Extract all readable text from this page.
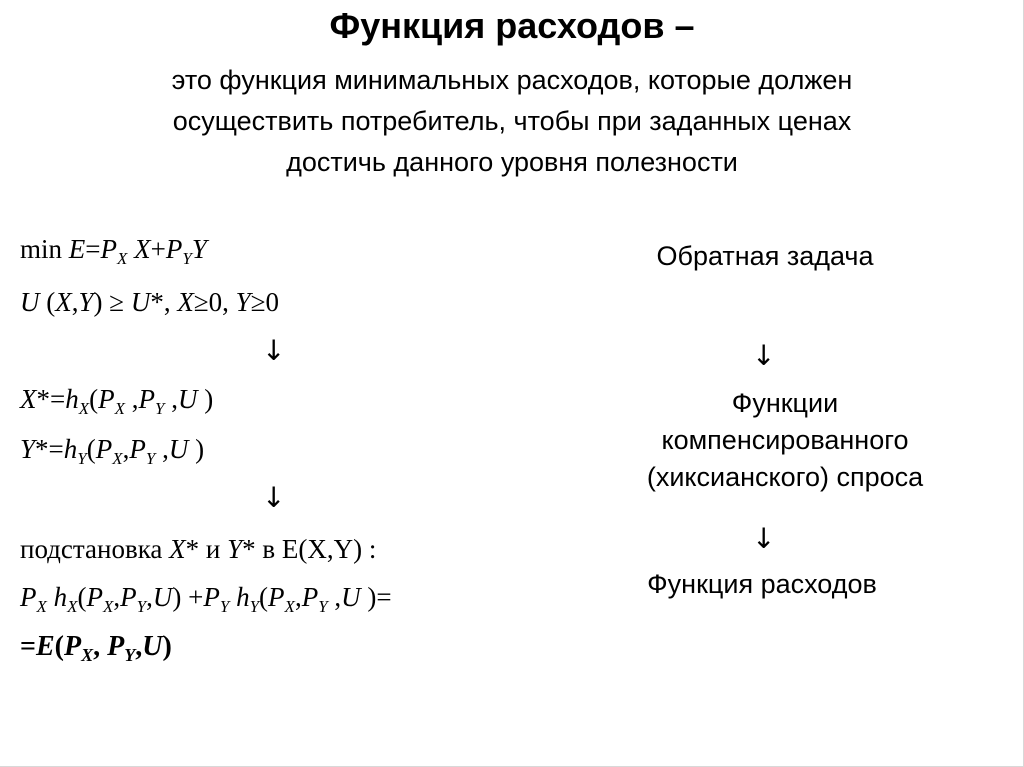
Функция расходов –
это функция минимальных расходов, которые должен
осуществить потребитель, чтобы при заданных ценах
достичь данного уровня полезности
$\min E=P_X$ $X+P_YY$
U (X,Y) ≥ U*, X≥0, Y≥0
↓
$X*=h_X(P_X$ $,P_Y$ ,U )
$Y*=h_Y(P_X,P_Y$ ,U )
↓
подстановка X* и Y* в E(X,Y) :
$P_X$ $h_X(P_X,P_Y,U) +P_Y$ $h_Y(P_X,P_Y$ ,U )=
$=E(P_X$, $P_Y,U$)
Обратная задача
↓
Функции
компенсированного
(хиксианского) спроса
↓
Функция расходов
